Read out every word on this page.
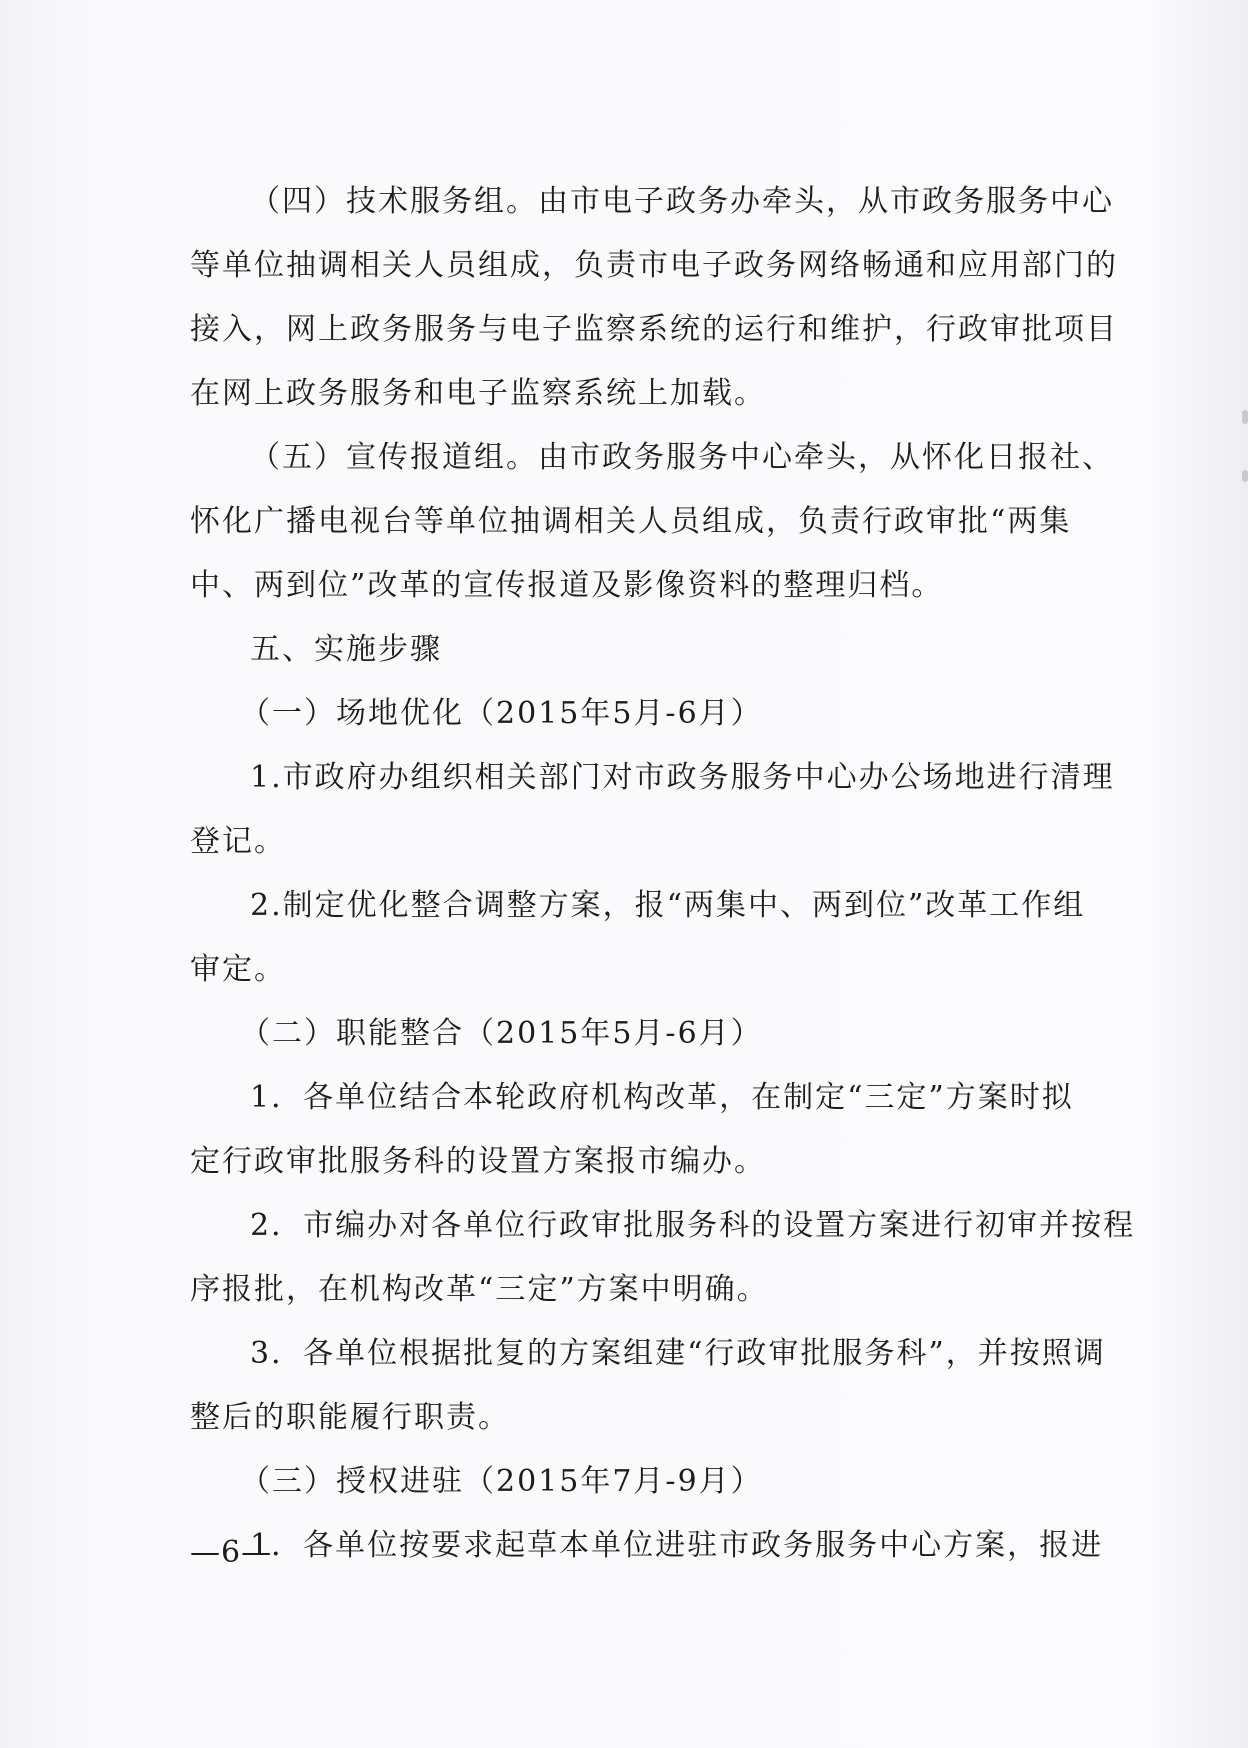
（四）技术服务组。由市电子政务办牵头，从市政务服务中心
等单位抽调相关人员组成，负责市电子政务网络畅通和应用部门的
接入，网上政务服务与电子监察系统的运行和维护，行政审批项目
在网上政务服务和电子监察系统上加载。
（五）宣传报道组。由市政务服务中心牵头，从怀化日报社、
怀化广播电视台等单位抽调相关人员组成，负责行政审批“两集
中、两到位”改革的宣传报道及影像资料的整理归档。
五、实施步骤
（一）场地优化（2015年5月-6月）
1.市政府办组织相关部门对市政务服务中心办公场地进行清理
登记。
2.制定优化整合调整方案，报“两集中、两到位”改革工作组
审定。
（二）职能整合（2015年5月-6月）
1．各单位结合本轮政府机构改革，在制定“三定”方案时拟
定行政审批服务科的设置方案报市编办。
2．市编办对各单位行政审批服务科的设置方案进行初审并按程
序报批，在机构改革“三定”方案中明确。
3．各单位根据批复的方案组建“行政审批服务科”，并按照调
整后的职能履行职责。
（三）授权进驻（2015年7月-9月）
1．各单位按要求起草本单位进驻市政务服务中心方案，报进
—6—
